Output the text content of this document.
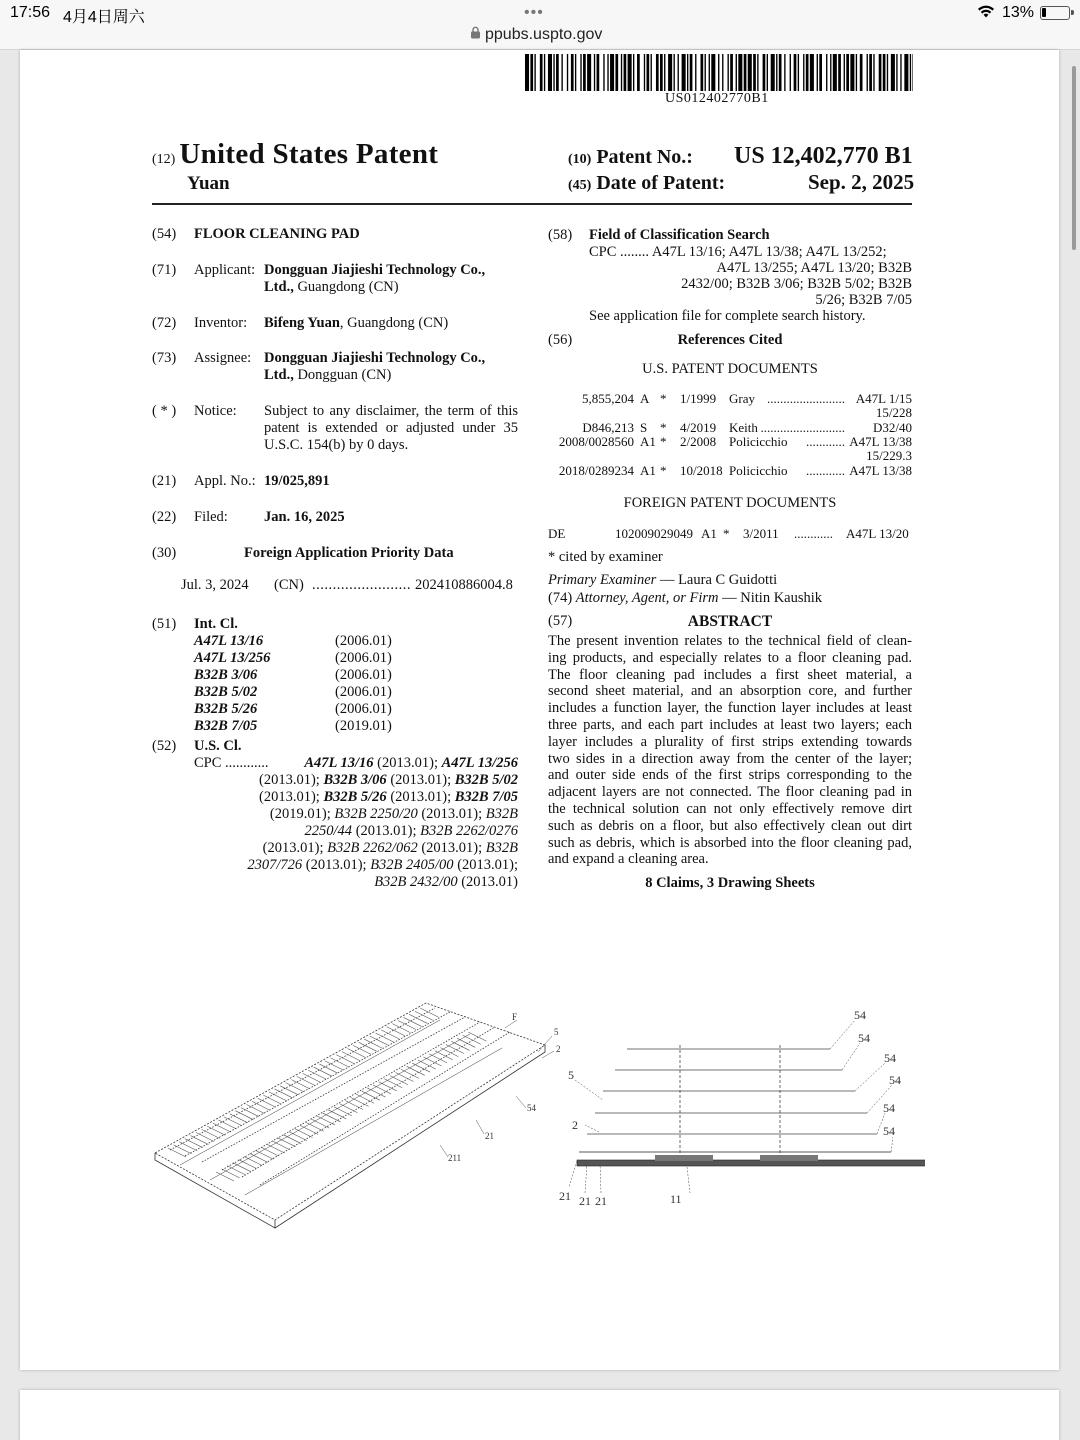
17:56 4月4日周六	•••
ppubs.uspto.gov
13%
US012402770B1
(12) United States Patent
Yuan
(10) Patent No.: US 12,402,770 B1
(45) Date of Patent:	Sep. 2, 2025
(54) FLOOR CLEANING PAD
(71) Applicant: Dongguan Jiajieshi Technology Co.,
Ltd., Guangdong (CN)
(72) Inventor: Bifeng Yuan, Guangdong (CN)
(73) Assignee: Dongguan Jiajieshi Technology Co.,
Ltd., Dongguan (CN)
( * ) Notice: Subject to any disclaimer, the term of this
patent is extended or adjusted under 35
U.S.C. 154(b) by 0 days.
(21) Appl. No.: 19/025,891
(22) Filed: Jan. 16, 2025
(30)	Foreign Application Priority Data
Jul. 3, 2024 (CN) ........................ 202410886004.8
(51) Int. Cl.
A47L 13/16	(2006.01)
A47L 13/256	(2006.01)
B32B 3/06	(2006.01)
B32B 5/02	(2006.01)
B32B 5/26	(2006.01)
B32B 7/05	(2019.01)
(52) U.S. Cl.
CPC ............	A47L 13/16 (2013.01); A47L 13/256
(2013.01); B32B 3/06 (2013.01); B32B 5/02
(2013.01); B32B 5/26 (2013.01); B32B 7/05
(2019.01); B32B 2250/20 (2013.01); B32B
2250/44 (2013.01); B32B 2262/0276
(2013.01); B32B 2262/062 (2013.01); B32B
2307/726 (2013.01); B32B 2405/00 (2013.01);
B32B 2432/00 (2013.01)
(58) Field of Classification Search
CPC ........ A47L 13/16; A47L 13/38; A47L 13/252;
A47L 13/255; A47L 13/20; B32B
2432/00; B32B 3/06; B32B 5/02; B32B
5/26; B32B 7/05
See application file for complete search history.
(56)	References Cited
U.S. PATENT DOCUMENTS
5,855,204 A * 1/1999 Gray ........................ A47L 1/15
15/228
D846,213 S * 4/2019 Keith ..........................	D32/40
2008/0028560 A1 * 2/2008 Policicchio	............ A47L 13/38
15/229.3
2018/0289234 A1 * 10/2018 Policicchio	............ A47L 13/38
FOREIGN PATENT DOCUMENTS
DE	102009029049 A1 * 3/2011 ............ A47L 13/20
* cited by examiner
Primary Examiner — Laura C Guidotti
(74) Attorney, Agent, or Firm — Nitin Kaushik
(57)	ABSTRACT
The present invention relates to the technical field of clean-
ing products, and especially relates to a floor cleaning pad.
The floor cleaning pad includes a first sheet material, a
second sheet material, and an absorption core, and further
includes a function layer, the function layer includes at least
three parts, and each part includes at least two layers; each
layer includes a plurality of first strips extending towards
two sides in a direction away from the center of the layer;
and outer side ends of the first strips corresponding to the
adjacent layers are not connected. The floor cleaning pad in
the technical solution can not only effectively remove dirt
such as debris on a floor, but also effectively clean out dirt
such as debris, which is absorbed into the floor cleaning pad,
and expand a cleaning area.
8 Claims, 3 Drawing Sheets
F
5
2
54
21
211
54
54
54
54
54
54
5
2
21 21 21	11
